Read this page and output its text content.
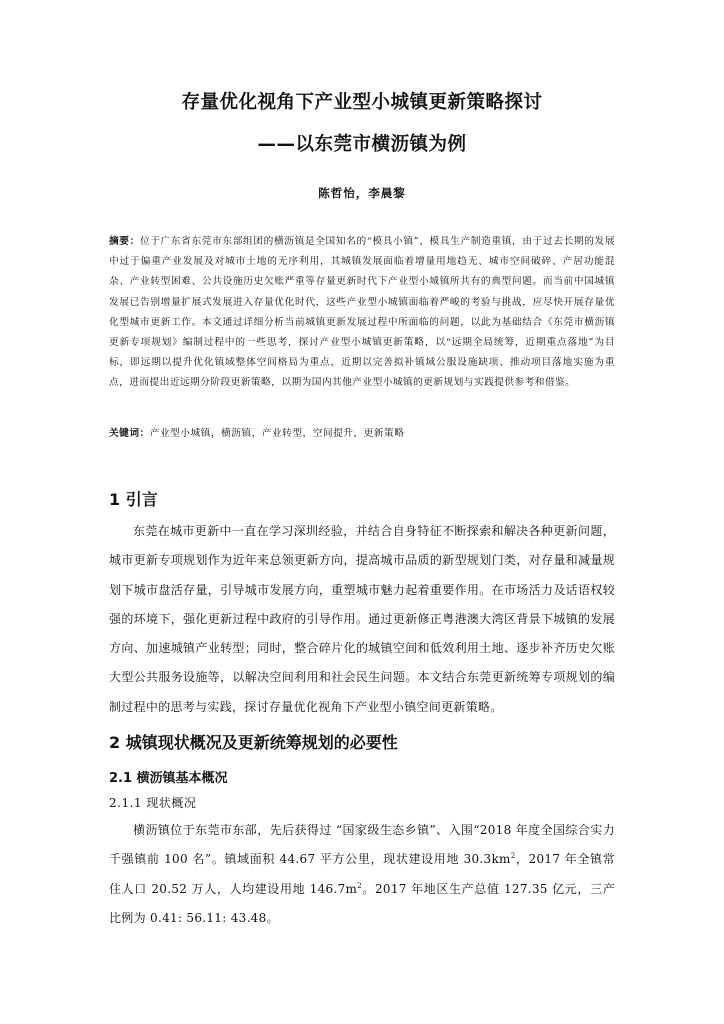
存量优化视角下产业型小城镇更新策略探讨
——以东莞市横沥镇为例
陈哲怡，李晨黎
摘要：位于广东省东莞市东部组团的横沥镇是全国知名的“模具小镇”、模具生产制造重镇，由于过去长期的发展中过于偏重产业发展及对城市土地的无序利用，其城镇发展面临着增量用地趋无、城市空间破碎、产居功能混杂、产业转型困难、公共设施历史欠账严重等存量更新时代下产业型小城镇所共有的典型问题。而当前中国城镇发展已告别增量扩展式发展进入存量优化时代，这些产业型小城镇面临着严峻的考验与挑战，应尽快开展存量优化型城市更新工作。本文通过详细分析当前城镇更新发展过程中所面临的问题，以此为基础结合《东莞市横沥镇更新专项规划》编制过程中的一些思考，探讨产业型小城镇更新策略，以“远期全局统筹，近期重点落地”为目标，即远期以提升优化镇域整体空间格局为重点，近期以完善拟补镇域公服设施缺项、推动项目落地实施为重点，进而提出近远期分阶段更新策略，以期为国内其他产业型小城镇的更新规划与实践提供参考和借鉴。
关键词：产业型小城镇，横沥镇，产业转型，空间提升，更新策略
1 引言
东莞在城市更新中一直在学习深圳经验，并结合自身特征不断探索和解决各种更新问题，城市更新专项规划作为近年来总领更新方向，提高城市品质的新型规划门类，对存量和减量规划下城市盘活存量，引导城市发展方向，重塑城市魅力起着重要作用。在市场活力及话语权较强的环境下，强化更新过程中政府的引导作用。通过更新修正粤港澳大湾区背景下城镇的发展方向、加速城镇产业转型；同时，整合碎片化的城镇空间和低效利用土地、逐步补齐历史欠账大型公共服务设施等，以解决空间利用和社会民生问题。本文结合东莞更新统筹专项规划的编制过程中的思考与实践，探讨存量优化视角下产业型小镇空间更新策略。
2 城镇现状概况及更新统筹规划的必要性
2.1 横沥镇基本概况
2.1.1 现状概况
横沥镇位于东莞市东部，先后获得过 “国家级生态乡镇”、入围“2018 年度全国综合实力千强镇前 100 名”。镇域面积 44.67 平方公里，现状建设用地 $30.3km^2$，2017 年全镇常住人口 20.52 万人，人均建设用地 $146.7m^2$。2017 年地区生产总值 127.35 亿元，三产比例为 0.41: 56.11: 43.48。
